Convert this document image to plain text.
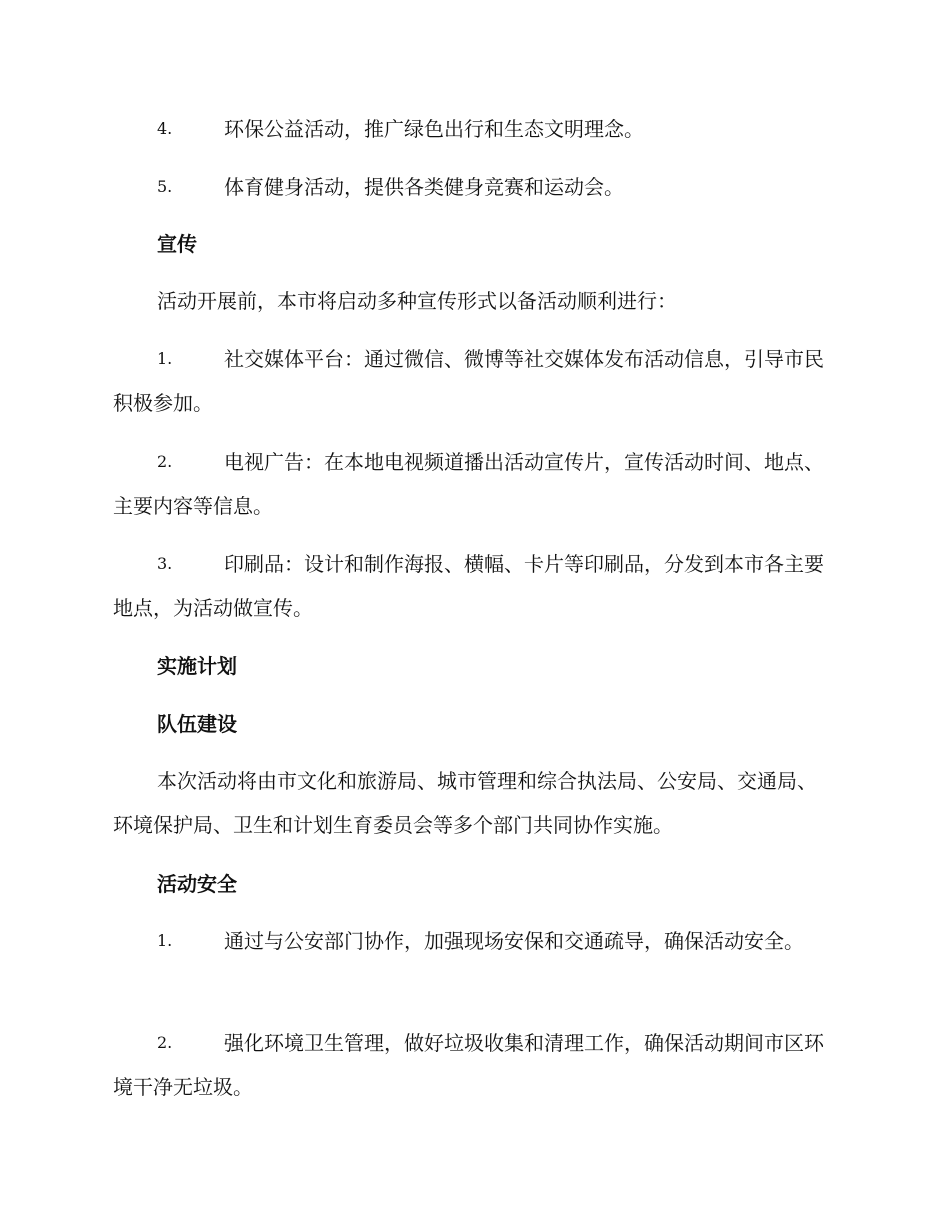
4.	环保公益活动，推广绿色出行和生态文明理念。
5.	体育健身活动，提供各类健身竞赛和运动会。
宣传
活动开展前，本市将启动多种宣传形式以备活动顺利进行：
1.	社交媒体平台：通过微信、微博等社交媒体发布活动信息，引导市民积极参加。
2.	电视广告：在本地电视频道播出活动宣传片，宣传活动时间、地点、主要内容等信息。
3.	印刷品：设计和制作海报、横幅、卡片等印刷品，分发到本市各主要地点，为活动做宣传。
实施计划
队伍建设
本次活动将由市文化和旅游局、城市管理和综合执法局、公安局、交通局、环境保护局、卫生和计划生育委员会等多个部门共同协作实施。
活动安全
1.	通过与公安部门协作，加强现场安保和交通疏导，确保活动安全。
2.	强化环境卫生管理，做好垃圾收集和清理工作，确保活动期间市区环境干净无垃圾。
